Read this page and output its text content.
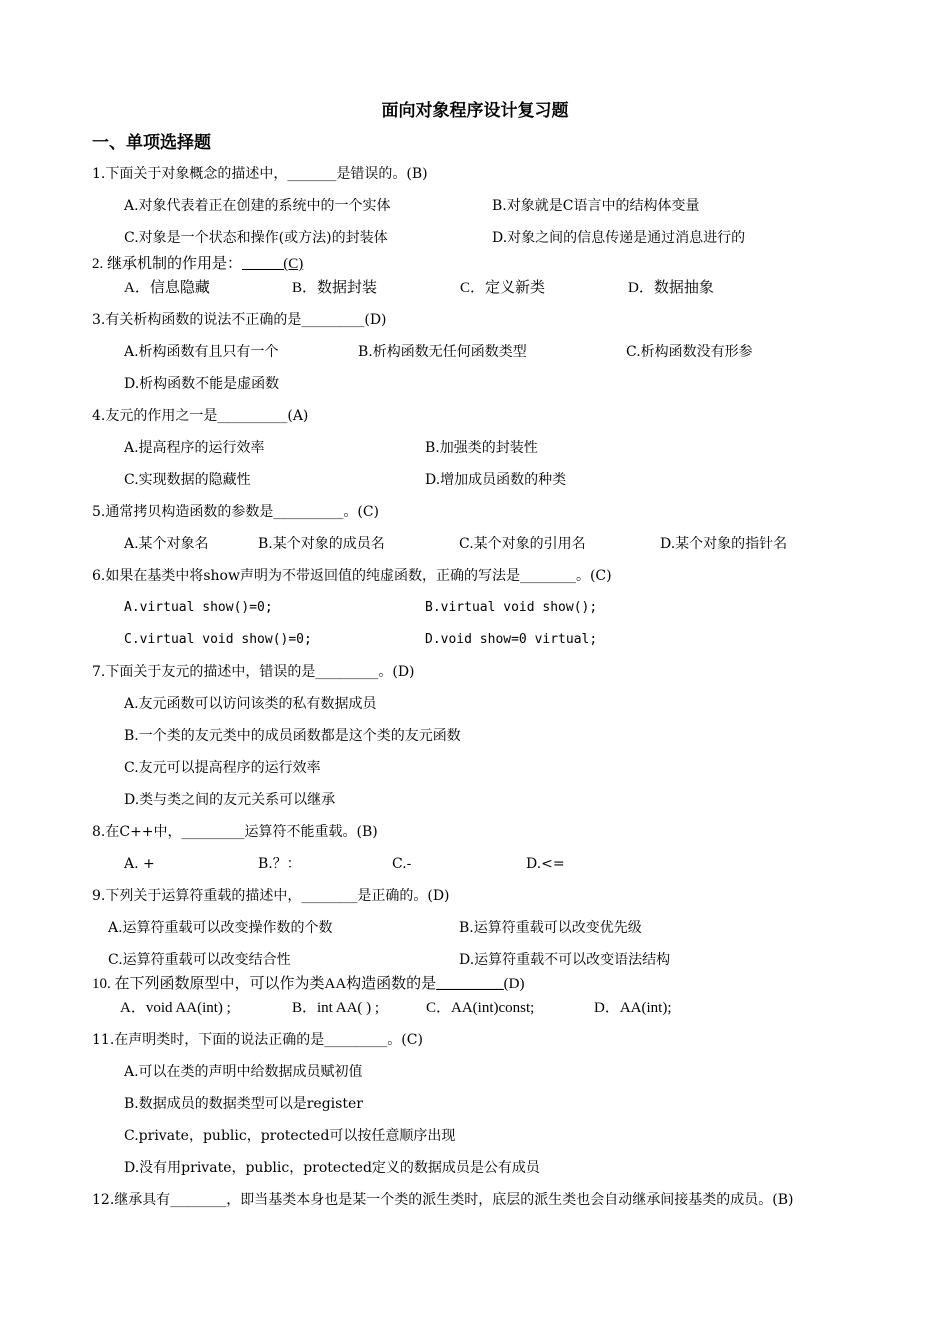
面向对象程序设计复习题
一、单项选择题
1.下面关于对象概念的描述中，_______是错误的。(B)
A.对象代表着正在创建的系统中的一个实体	B.对象就是C语言中的结构体变量
C.对象是一个状态和操作(或方法)的封装体	D.对象之间的信息传递是通过消息进行的
2. 继承机制的作用是：           (C)
A．信息隐藏	B．数据封装	C．定义新类	D．数据抽象
3.有关析构函数的说法不正确的是_________(D)
A.析构函数有且只有一个	B.析构函数无任何函数类型	C.析构函数没有形参
D.析构函数不能是虚函数
4.友元的作用之一是__________(A)
A.提高程序的运行效率	B.加强类的封装性
C.实现数据的隐藏性	D.增加成员函数的种类
5.通常拷贝构造函数的参数是__________。(C)
A.某个对象名	B.某个对象的成员名	C.某个对象的引用名	D.某个对象的指针名
6.如果在基类中将show声明为不带返回值的纯虚函数，正确的写法是________。(C)
A.virtual show()=0;	B.virtual void show();
C.virtual void show()=0;	D.void show=0 virtual;
7.下面关于友元的描述中，错误的是_________。(D)
A.友元函数可以访问该类的私有数据成员
B.一个类的友元类中的成员函数都是这个类的友元函数
C.友元可以提高程序的运行效率
D.类与类之间的友元关系可以继承
8.在C++中，_________运算符不能重载。(B)
A. +	B.？：	C.-	D.<=
9.下列关于运算符重载的描述中，________是正确的。(D)
A.运算符重载可以改变操作数的个数	B.运算符重载可以改变优先级
C.运算符重载可以改变结合性	D.运算符重载不可以改变语法结构
10. 在下列函数原型中，可以作为类AA构造函数的是_________(D)
A．void AA(int) ;	B．int AA( ) ;	C．AA(int)const;	D．AA(int);
11.在声明类时，下面的说法正确的是_________。(C)
A.可以在类的声明中给数据成员赋初值
B.数据成员的数据类型可以是register
C.private，public，protected可以按任意顺序出现
D.没有用private，public，protected定义的数据成员是公有成员
12.继承具有________，即当基类本身也是某一个类的派生类时，底层的派生类也会自动继承间接基类的成员。(B)
